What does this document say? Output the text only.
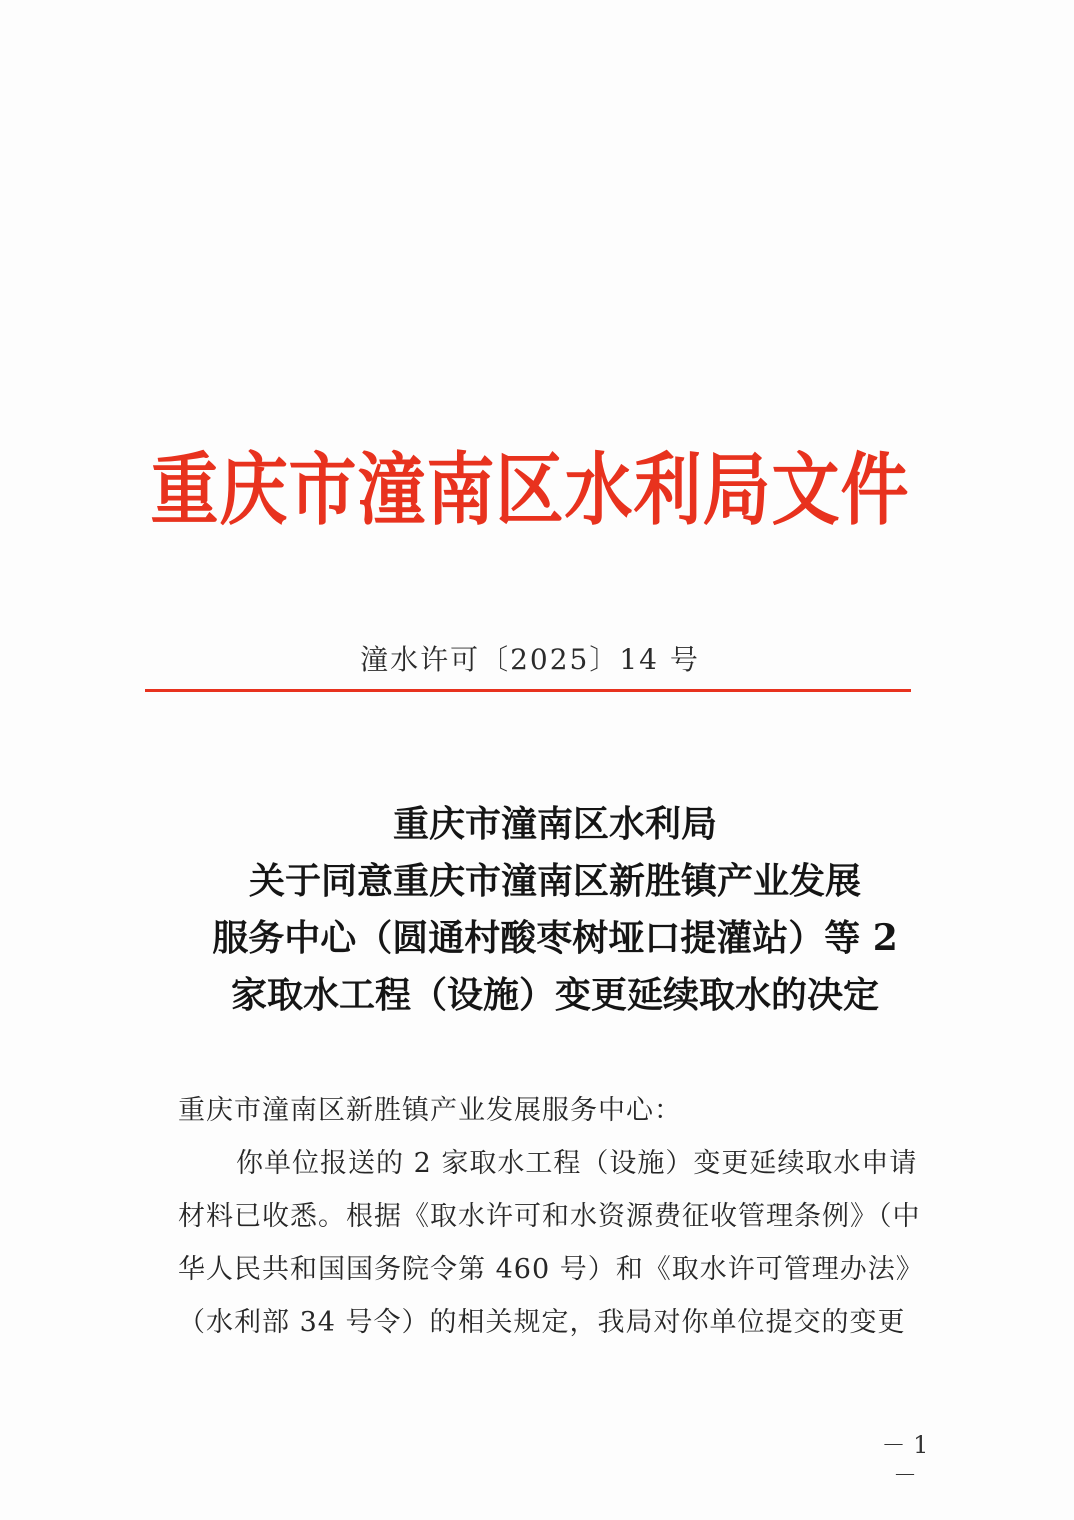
重庆市潼南区水利局文件
潼水许可〔2025〕14 号
重庆市潼南区水利局
关于同意重庆市潼南区新胜镇产业发展
服务中心（圆通村酸枣树垭口提灌站）等 2
家取水工程（设施）变更延续取水的决定
重庆市潼南区新胜镇产业发展服务中心：
你单位报送的 2 家取水工程（设施）变更延续取水申请
材料已收悉。根据《取水许可和水资源费征收管理条例》（中
华人民共和国国务院令第 460 号）和《取水许可管理办法》
（水利部 34 号令）的相关规定，我局对你单位提交的变更
－ 1 －
